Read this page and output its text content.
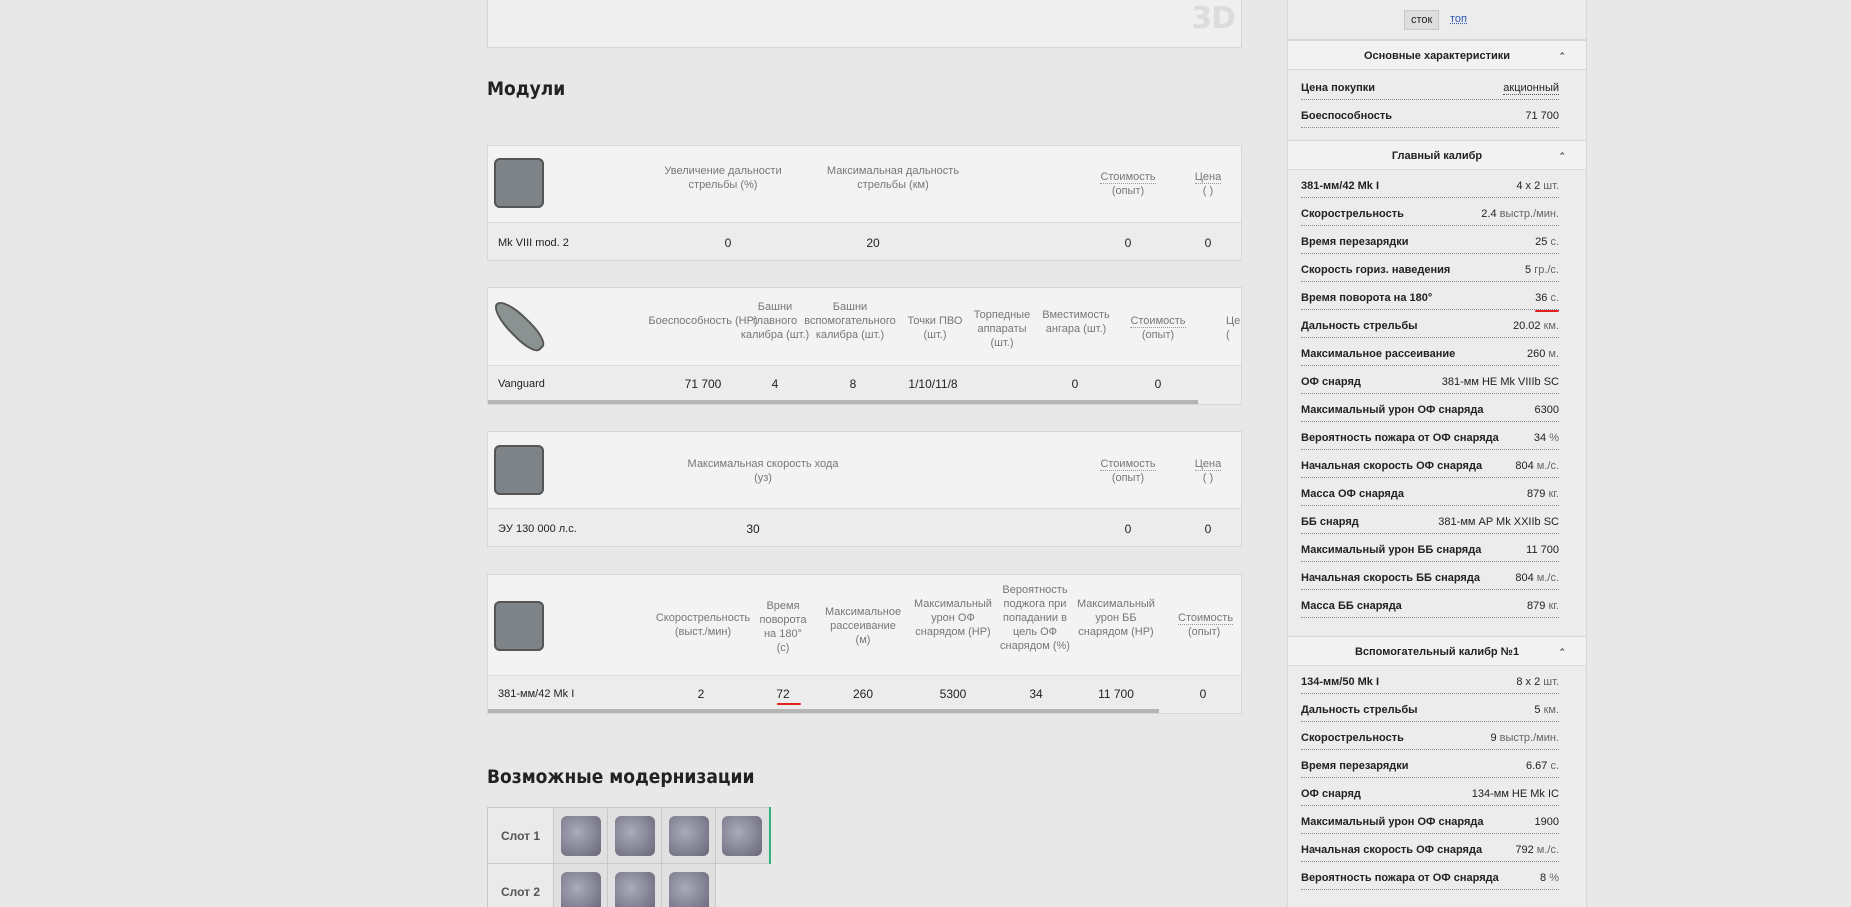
3D
Модули
Увеличение дальности стрельбы (%)
Максимальная дальность стрельбы (км)
Стоимость
(опыт)
Цена
( )
Mk VIII mod. 2	0	20	0	0
Боеспособность (HP)
Башни главного калибра (шт.)
Башни вспомогательного калибра (шт.)
Точки ПВО (шт.)
Торпедные аппараты (шт.)
Вместимость ангара (шт.)
Стоимость
(опыт)
Це
(
Vanguard	71 700	4	8	1/10/11/8	0	0
Максимальная скорость хода
(уз)
Стоимость
(опыт)
Цена
( )
ЭУ 130 000 л.с.	30	0	0
Скорострельность (выст./мин)
Время поворота на 180° (с)
Максимальное рассеивание (м)
Максимальный урон ОФ снарядом (HP)
Вероятность поджога при попадании в цель ОФ снарядом (%)
Максимальный урон ББ снарядом (HP)
Стоимость
(опыт)
381-мм/42 Mk I	2	72	260	5300	34	11 700	0
Возможные модернизации
Слот 1	

Слот 2		

сток	топ
Основные характеристики	⌃
Цена покупки	акционный
Боеспособность	71 700
Главный калибр	⌃
381-мм/42 Mk I	4 x 2 шт.
Скорострельность	2.4 выстр./мин.
Время перезарядки	25 с.
Скорость гориз. наведения	5 гр./с.
Время поворота на 180°	36 с.
Дальность стрельбы	20.02 км.
Максимальное рассеивание	260 м.
ОФ снаряд	381-мм HE Mk VIIIb SC
Максимальный урон ОФ снаряда	6300
Вероятность пожара от ОФ снаряда	34 %
Начальная скорость ОФ снаряда	804 м./с.
Масса ОФ снаряда	879 кг.
ББ снаряд	381-мм AP Mk XXIIb SC
Максимальный урон ББ снаряда	11 700
Начальная скорость ББ снаряда	804 м./с.
Масса ББ снаряда	879 кг.
Вспомогательный калибр №1	⌃
134-мм/50 Mk I	8 x 2 шт.
Дальность стрельбы	5 км.
Скорострельность	9 выстр./мин.
Время перезарядки	6.67 с.
ОФ снаряд	134-мм HE Mk IC
Максимальный урон ОФ снаряда	1900
Начальная скорость ОФ снаряда	792 м./с.
Вероятность пожара от ОФ снаряда	8 %
